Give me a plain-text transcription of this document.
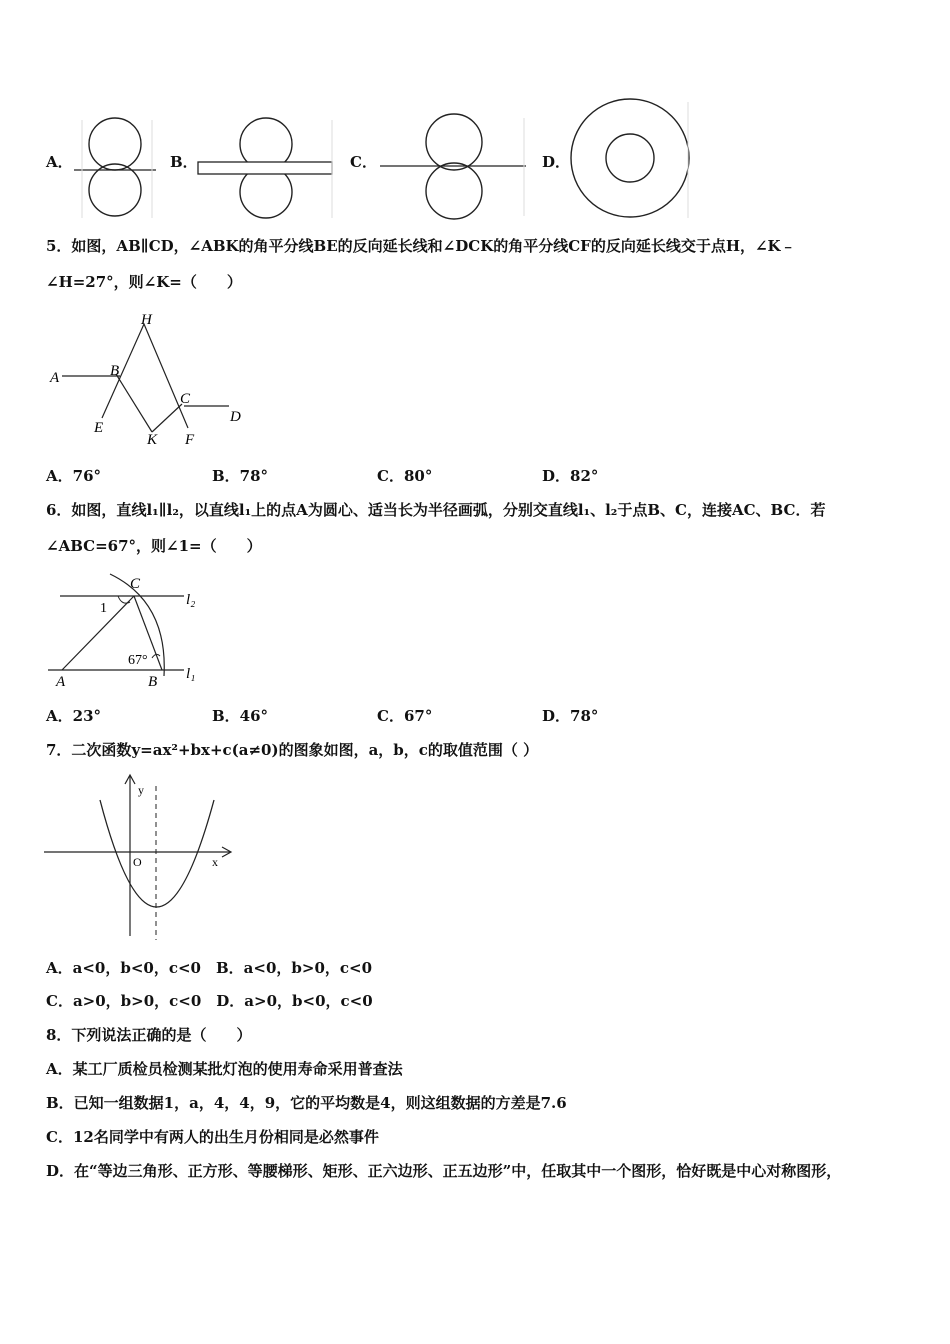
A．	B．	C．	D．
5．如图，AB∥CD，∠ABK的角平分线BE的反向延长线和∠DCK的角平分线CF的反向延长线交于点H，∠K﹣
∠H=27°，则∠K=（　　）
A	B
C
D
E
F
H
K
A．76°	B．78°	C．80°	D．82°
6．如图，直线l₁∥l₂，以直线l₁上的点A为圆心、适当长为半径画弧，分别交直线l₁、l₂于点B、C，连接AC、BC．若
∠ABC=67°，则∠1=（　　）
C
1
67°
A	B
l₂
l₁
A．23°	B．46°	C．67°	D．78°
7．二次函数y=ax²+bx+c(a≠0)的图象如图，a，b，c的取值范围（ ）
y
O	x
A．a<0，b<0，c<0　B．a<0，b>0，c<0
C．a>0，b>0，c<0　D．a>0，b<0，c<0
8．下列说法正确的是（　　）
A．某工厂质检员检测某批灯泡的使用寿命采用普查法
B．已知一组数据1，a，4，4，9，它的平均数是4，则这组数据的方差是7.6
C．12名同学中有两人的出生月份相同是必然事件
D．在“等边三角形、正方形、等腰梯形、矩形、正六边形、正五边形”中，任取其中一个图形，恰好既是中心对称图形，
